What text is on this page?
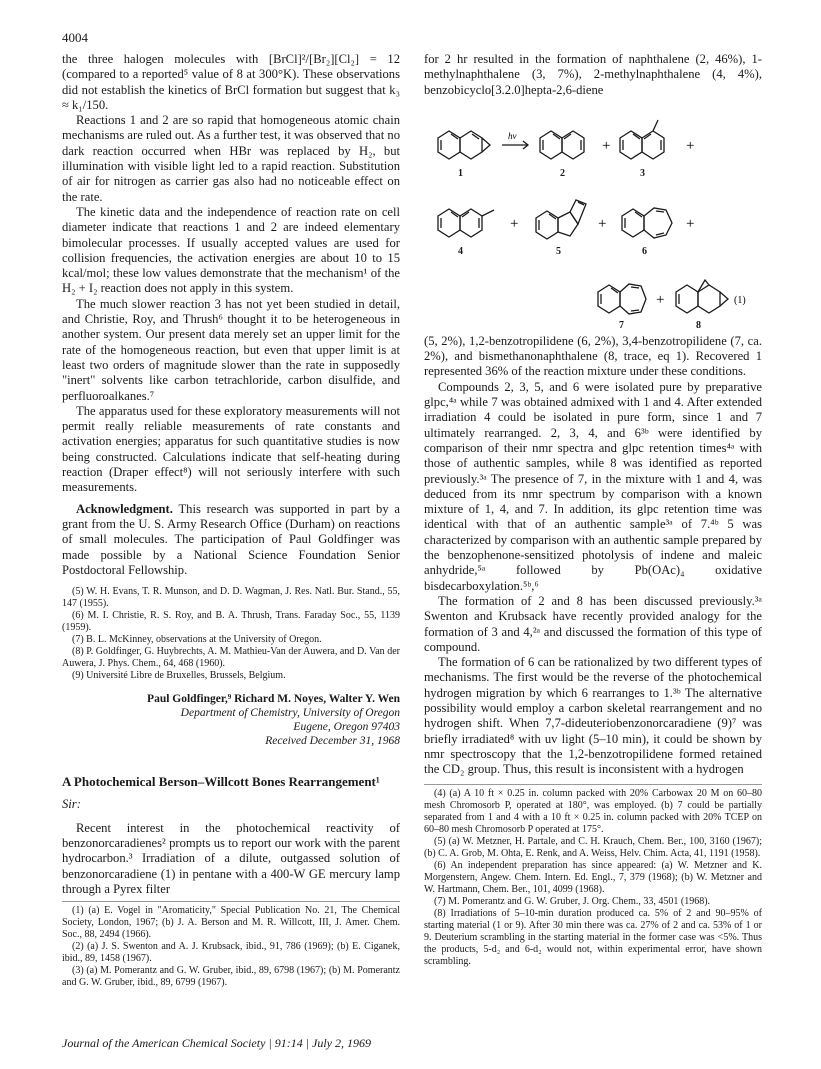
4004

the three halogen molecules with [BrCl]²/[Br₂][Cl₂] = 12 (compared to a reported⁵ value of 8 at 300°K). These observations did not establish the kinetics of BrCl formation but suggest that k₃ ≈ k₁/150.

Reactions 1 and 2 are so rapid that homogeneous atomic chain mechanisms are ruled out. As a further test, it was observed that no dark reaction occurred when HBr was replaced by H₂, but illumination with visible light led to a rapid reaction. Substitution of air for nitrogen as carrier gas also had no noticeable effect on the rate.

The kinetic data and the independence of reaction rate on cell diameter indicate that reactions 1 and 2 are indeed elementary bimolecular processes. If usually accepted values are used for collision frequencies, the activation energies are about 10 to 15 kcal/mol; these low values demonstrate that the mechanism¹ of the H₂ + I₂ reaction does not apply in this system.

The much slower reaction 3 has not yet been studied in detail, and Christie, Roy, and Thrush⁶ thought it to be heterogeneous in another system. Our present data merely set an upper limit for the rate of the homogeneous reaction, but even that upper limit is at least two orders of magnitude slower than the rate in supposedly "inert" solvents like carbon tetrachloride, carbon disulfide, and perfluoroalkanes.⁷

The apparatus used for these exploratory measurements will not permit really reliable measurements of rate constants and activation energies; apparatus for such quantitative studies is now being constructed. Calculations indicate that self-heating during reaction (Draper effect⁸) will not seriously interfere with such measurements.

Acknowledgment. This research was supported in part by a grant from the U. S. Army Research Office (Durham) on reactions of small molecules. The participation of Paul Goldfinger was made possible by a National Science Foundation Senior Postdoctoral Fellowship.

(5) W. H. Evans, T. R. Munson, and D. D. Wagman, J. Res. Natl. Bur. Stand., 55, 147 (1955).
(6) M. I. Christie, R. S. Roy, and B. A. Thrush, Trans. Faraday Soc., 55, 1139 (1959).
(7) B. L. McKinney, observations at the University of Oregon.
(8) P. Goldfinger, G. Huybrechts, A. M. Mathieu-Van der Auwera, and D. Van der Auwera, J. Phys. Chem., 64, 468 (1960).
(9) Université Libre de Bruxelles, Brussels, Belgium.
Paul Goldfinger,⁹ Richard M. Noyes, Walter Y. Wen
Department of Chemistry, University of Oregon
Eugene, Oregon 97403
Received December 31, 1968
A Photochemical Berson–Willcott Bones Rearrangement¹
Sir:

Recent interest in the photochemical reactivity of benzonorcaradienes² prompts us to report our work with the parent hydrocarbon.³ Irradiation of a dilute, outgassed solution of benzonorcaradiene (1) in pentane with a 400-W GE mercury lamp through a Pyrex filter

(1) (a) E. Vogel in "Aromaticity," Special Publication No. 21, The Chemical Society, London, 1967; (b) J. A. Berson and M. R. Willcott, III, J. Amer. Chem. Soc., 88, 2494 (1966).
(2) (a) J. S. Swenton and A. J. Krubsack, ibid., 91, 786 (1969); (b) E. Ciganek, ibid., 89, 1458 (1967).
(3) (a) M. Pomerantz and G. W. Gruber, ibid., 89, 6798 (1967); (b) M. Pomerantz and G. W. Gruber, ibid., 89, 6799 (1967).

for 2 hr resulted in the formation of naphthalene (2, 46%), 1-methylnaphthalene (3, 7%), 2-methylnaphthalene (4, 4%), benzobicyclo[3.2.0]hepta-2,6-diene

+	+
+	+	+
+
hν
1	2	3
4	5	6
7	8
(1)

(5, 2%), 1,2-benzotropilidene (6, 2%), 3,4-benzotropilidene (7, ca. 2%), and bismethanonaphthalene (8, trace, eq 1). Recovered 1 represented 36% of the reaction mixture under these conditions.

Compounds 2, 3, 5, and 6 were isolated pure by preparative glpc,⁴ᵃ while 7 was obtained admixed with 1 and 4. After extended irradiation 4 could be isolated in pure form, since 1 and 7 ultimately rearranged. 2, 3, 4, and 6³ᵇ were identified by comparison of their nmr spectra and glpc retention times⁴ᵃ with those of authentic samples, while 8 was identified as reported previously.³ᵃ The presence of 7, in the mixture with 1 and 4, was deduced from its nmr spectrum by comparison with a known mixture of 1, 4, and 7. In addition, its glpc retention time was identical with that of an authentic sample³ᵃ of 7.⁴ᵇ 5 was characterized by comparison with an authentic sample prepared by the benzophenone-sensitized photolysis of indene and maleic anhydride,⁵ᵃ followed by Pb(OAc)₄ oxidative bisdecarboxylation.⁵ᵇ,⁶

The formation of 2 and 8 has been discussed previously.³ᵃ Swenton and Krubsack have recently provided analogy for the formation of 3 and 4,²ᵃ and discussed the formation of this type of compound.

The formation of 6 can be rationalized by two different types of mechanisms. The first would be the reverse of the photochemical hydrogen migration by which 6 rearranges to 1.³ᵇ The alternative possibility would employ a carbon skeletal rearrangement and no hydrogen shift. When 7,7-dideuteriobenzonorcaradiene (9)⁷ was briefly irradiated⁸ with uv light (5–10 min), it could be shown by nmr spectroscopy that the 1,2-benzotropilidene formed retained the CD₂ group. Thus, this result is inconsistent with a hydrogen

(4) (a) A 10 ft × 0.25 in. column packed with 20% Carbowax 20 M on 60–80 mesh Chromosorb P, operated at 180°, was employed. (b) 7 could be partially separated from 1 and 4 with a 10 ft × 0.25 in. column packed with 20% TCEP on 60–80 mesh Chromosorb P operated at 175°.
(5) (a) W. Metzner, H. Partale, and C. H. Krauch, Chem. Ber., 100, 3160 (1967); (b) C. A. Grob, M. Ohta, E. Renk, and A. Weiss, Helv. Chim. Acta, 41, 1191 (1958).
(6) An independent preparation has since appeared: (a) W. Metzner and K. Morgenstern, Angew. Chem. Intern. Ed. Engl., 7, 379 (1968); (b) W. Metzner and W. Hartmann, Chem. Ber., 101, 4099 (1968).
(7) M. Pomerantz and G. W. Gruber, J. Org. Chem., 33, 4501 (1968).
(8) Irradiations of 5–10-min duration produced ca. 5% of 2 and 90–95% of starting material (1 or 9). After 30 min there was ca. 27% of 2 and ca. 53% of 1 or 9. Deuterium scrambling in the starting material in the former case was <5%. Thus the products, 5-d₂ and 6-d₂ would not, within experimental error, have shown scrambling.
Journal of the American Chemical Society | 91:14 | July 2, 1969
